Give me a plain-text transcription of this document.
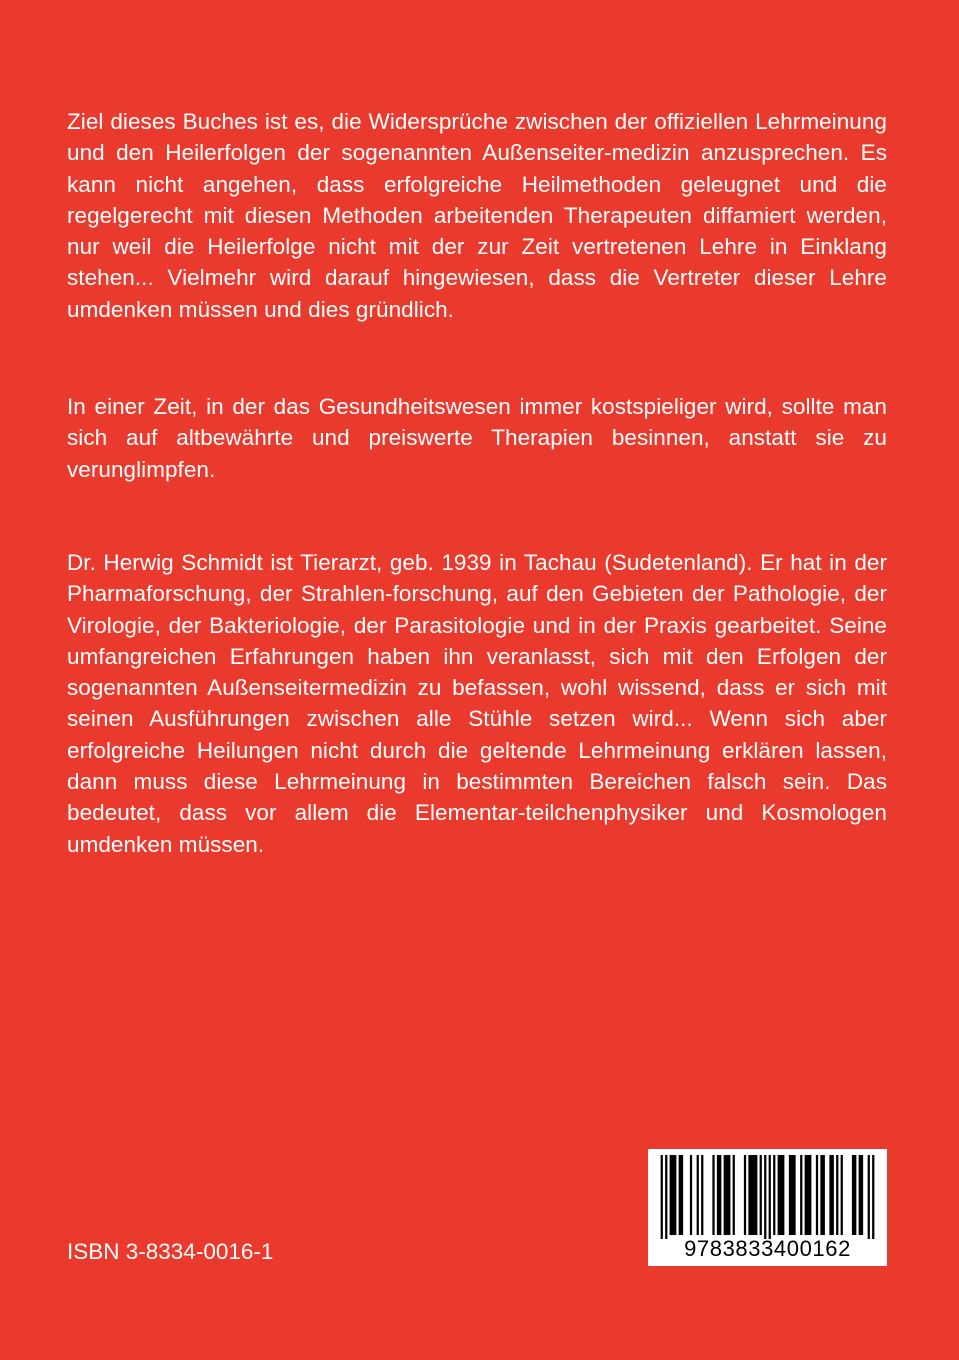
Ziel dieses Buches ist es, die Widersprüche zwischen der offiziellen Lehrmeinung und den Heilerfolgen der sogenannten Außenseiter-medizin anzusprechen. Es kann nicht angehen, dass erfolgreiche Heilmethoden geleugnet und die regelgerecht mit diesen Methoden arbeitenden Therapeuten diffamiert werden, nur weil die Heilerfolge nicht mit der zur Zeit vertretenen Lehre in Einklang stehen... Vielmehr wird darauf hingewiesen, dass die Vertreter dieser Lehre umdenken müssen und dies gründlich.

In einer Zeit, in der das Gesundheitswesen immer kostspieliger wird, sollte man sich auf altbewährte und preiswerte Therapien besinnen, anstatt sie zu verunglimpfen.

Dr. Herwig Schmidt ist Tierarzt, geb. 1939 in Tachau (Sudetenland). Er hat in der Pharmaforschung, der Strahlen-forschung, auf den Gebieten der Pathologie, der Virologie, der Bakteriologie, der Parasitologie und in der Praxis gearbeitet. Seine umfangreichen Erfahrungen haben ihn veranlasst, sich mit den Erfolgen der sogenannten Außenseitermedizin zu befassen, wohl wissend, dass er sich mit seinen Ausführungen zwischen alle Stühle setzen wird... Wenn sich aber erfolgreiche Heilungen nicht durch die geltende Lehrmeinung erklären lassen, dann muss diese Lehrmeinung in bestimmten Bereichen falsch sein. Das bedeutet, dass vor allem die Elementar-teilchenphysiker und Kosmologen umdenken müssen.

ISBN 3-8334-0016-1	9783833400162
